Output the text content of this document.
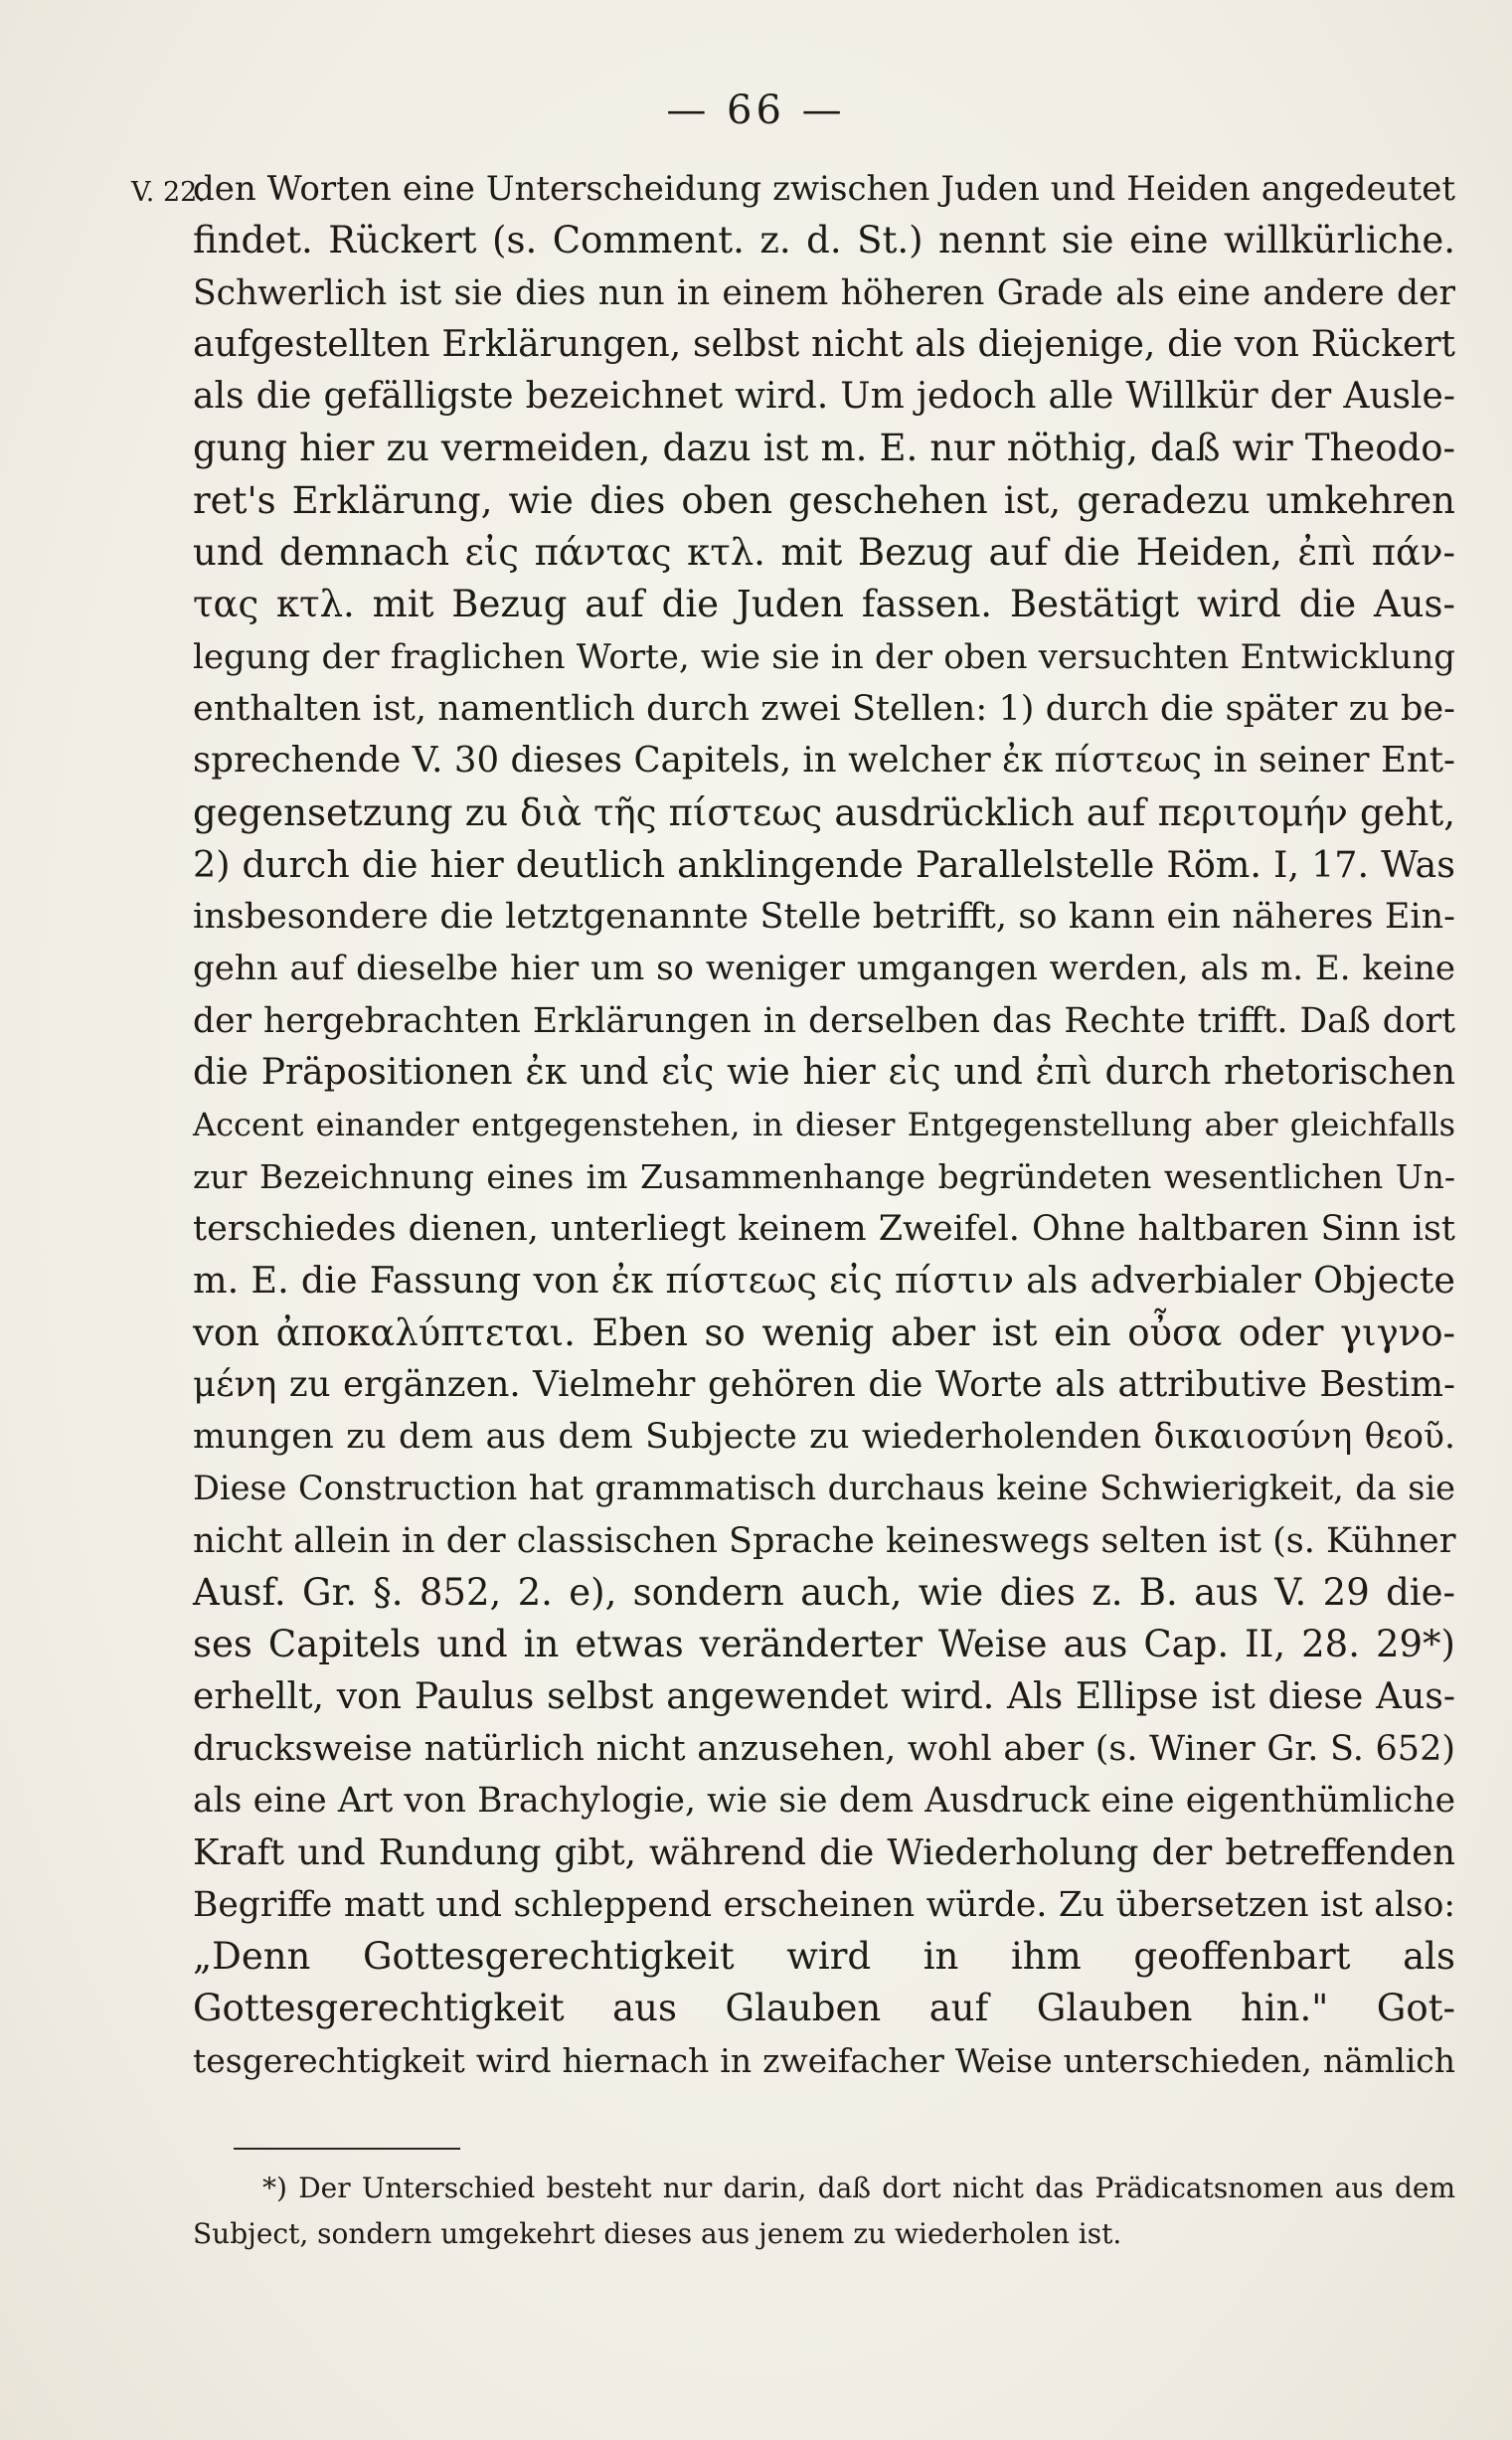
— 66 —
V. 22.
den Worten eine Unterscheidung zwischen Juden und Heiden angedeutet
findet. Rückert (s. Comment. z. d. St.) nennt sie eine willkürliche.
Schwerlich ist sie dies nun in einem höheren Grade als eine andere der
aufgestellten Erklärungen, selbst nicht als diejenige, die von Rückert
als die gefälligste bezeichnet wird. Um jedoch alle Willkür der Ausle-
gung hier zu vermeiden, dazu ist m. E. nur nöthig, daß wir Theodo-
ret's Erklärung, wie dies oben geschehen ist, geradezu umkehren
und demnach εἰς πάντας κτλ. mit Bezug auf die Heiden, ἐπὶ πάν-
τας κτλ. mit Bezug auf die Juden fassen. Bestätigt wird die Aus-
legung der fraglichen Worte, wie sie in der oben versuchten Entwicklung
enthalten ist, namentlich durch zwei Stellen: 1) durch die später zu be-
sprechende V. 30 dieses Capitels, in welcher ἐκ πίστεως in seiner Ent-
gegensetzung zu διὰ τῆς πίστεως ausdrücklich auf περιτομήν geht,
2) durch die hier deutlich anklingende Parallelstelle Röm. I, 17. Was
insbesondere die letztgenannte Stelle betrifft, so kann ein näheres Ein-
gehn auf dieselbe hier um so weniger umgangen werden, als m. E. keine
der hergebrachten Erklärungen in derselben das Rechte trifft. Daß dort
die Präpositionen ἐκ und εἰς wie hier εἰς und ἐπὶ durch rhetorischen
Accent einander entgegenstehen, in dieser Entgegenstellung aber gleichfalls
zur Bezeichnung eines im Zusammenhange begründeten wesentlichen Un-
terschiedes dienen, unterliegt keinem Zweifel. Ohne haltbaren Sinn ist
m. E. die Fassung von ἐκ πίστεως εἰς πίστιν als adverbialer Objecte
von ἀποκαλύπτεται. Eben so wenig aber ist ein οὖσα oder γιγνο-
μένη zu ergänzen. Vielmehr gehören die Worte als attributive Bestim-
mungen zu dem aus dem Subjecte zu wiederholenden δικαιοσύνη θεοῦ.
Diese Construction hat grammatisch durchaus keine Schwierigkeit, da sie
nicht allein in der classischen Sprache keineswegs selten ist (s. Kühner
Ausf. Gr. §. 852, 2. e), sondern auch, wie dies z. B. aus V. 29 die-
ses Capitels und in etwas veränderter Weise aus Cap. II, 28. 29*)
erhellt, von Paulus selbst angewendet wird. Als Ellipse ist diese Aus-
drucksweise natürlich nicht anzusehen, wohl aber (s. Winer Gr. S. 652)
als eine Art von Brachylogie, wie sie dem Ausdruck eine eigenthümliche
Kraft und Rundung gibt, während die Wiederholung der betreffenden
Begriffe matt und schleppend erscheinen würde. Zu übersetzen ist also:
„Denn Gottesgerechtigkeit wird in ihm geoffenbart als
Gottesgerechtigkeit aus Glauben auf Glauben hin." Got-
tesgerechtigkeit wird hiernach in zweifacher Weise unterschieden, nämlich
*) Der Unterschied besteht nur darin, daß dort nicht das Prädicatsnomen aus dem
Subject, sondern umgekehrt dieses aus jenem zu wiederholen ist.
